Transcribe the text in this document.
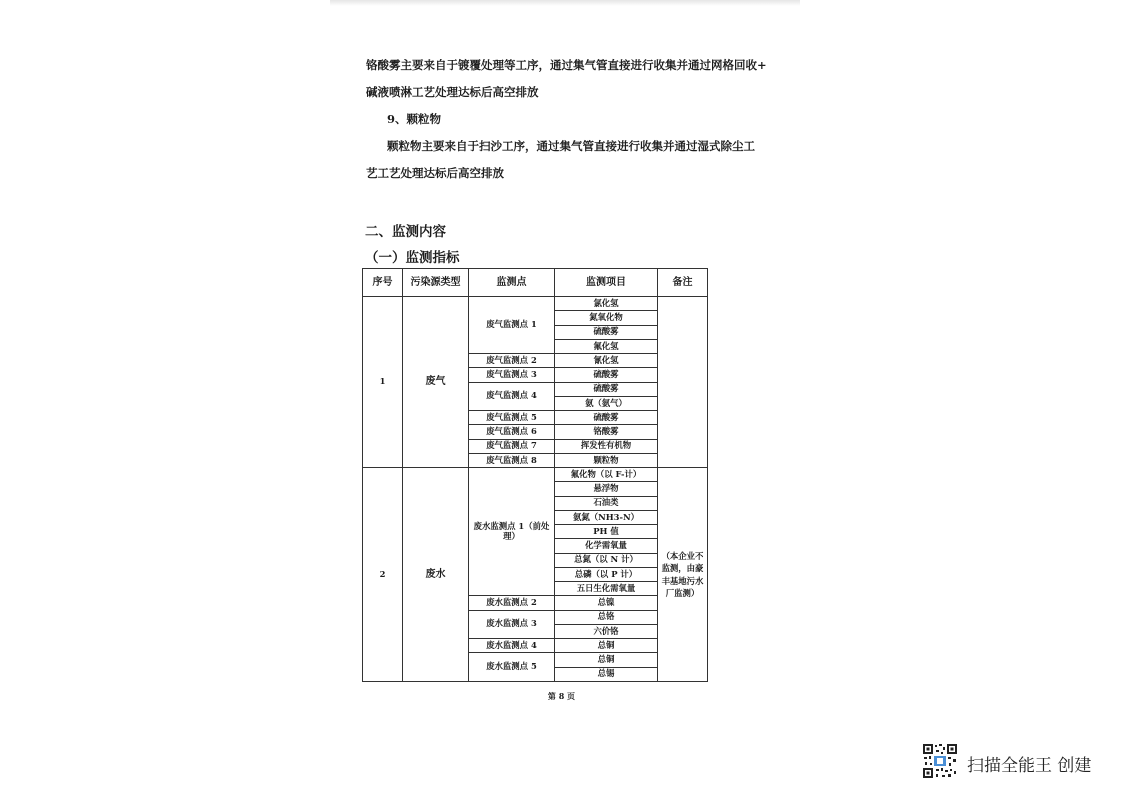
铬酸雾主要来自于镀覆处理等工序，通过集气管直接进行收集并通过网格回收+

碱液喷淋工艺处理达标后高空排放

9、颗粒物

颗粒物主要来自于扫沙工序，通过集气管直接进行收集并通过湿式除尘工

艺工艺处理达标后高空排放

二、监测内容
（一）监测指标
序号	污染源类型	监测点	监测项目	备注
1	废气	废气监测点 1	氯化氢	
			氮氧化物	
			硫酸雾	
			氟化氢	
		废气监测点 2	氰化氢	
		废气监测点 3	硫酸雾	
		废气监测点 4	硫酸雾	
			氨（氨气）	
		废气监测点 5	硫酸雾	
		废气监测点 6	铬酸雾	
		废气监测点 7	挥发性有机物	
		废气监测点 8	颗粒物	
2	废水	废水监测点 1（前处理）	氟化物（以 F-计）	（本企业不监测，由豪丰基地污水厂监测）
			悬浮物	
			石油类	
			氨氮（NH3-N）	
			PH 值	
			化学需氧量	
			总氮（以 N 计）	
			总磷（以 P 计）	
			五日生化需氧量	
		废水监测点 2	总镍	
		废水监测点 3	总铬	
			六价铬	
		废水监测点 4	总铜	
		废水监测点 5	总铜	
			总锡	
第 8 页
扫描全能王 创建
